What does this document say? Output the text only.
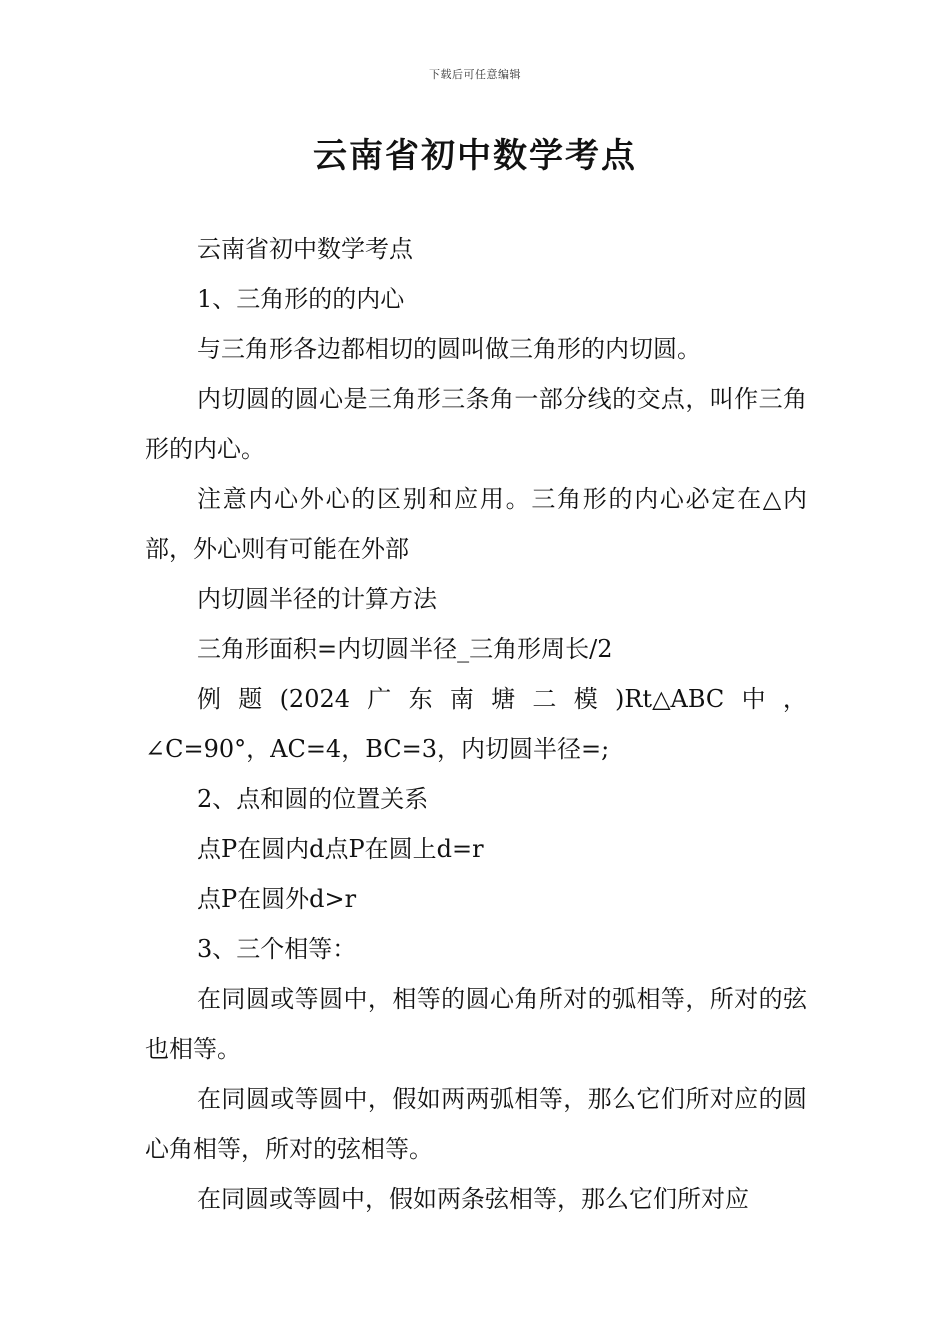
下载后可任意编辑
云南省初中数学考点

云南省初中数学考点

1、三角形的的内心

与三角形各边都相切的圆叫做三角形的内切圆。

内切圆的圆心是三角形三条角一部分线的交点，叫作三角形的内心。

注意内心外心的区别和应用。三角形的内心必定在△内部，外心则有可能在外部

内切圆半径的计算方法

三角形面积=内切圆半径_三角形周长/2

例 题 (2024 广 东 南 塘 二 模 )Rt△ABC 中 ，
∠C=90°，AC=4，BC=3，内切圆半径=;

2、点和圆的位置关系

点P在圆内d点P在圆上d=r

点P在圆外d>r

3、三个相等：

在同圆或等圆中，相等的圆心角所对的弧相等，所对的弦也相等。

在同圆或等圆中，假如两两弧相等，那么它们所对应的圆心角相等，所对的弦相等。

在同圆或等圆中，假如两条弦相等，那么它们所对应
